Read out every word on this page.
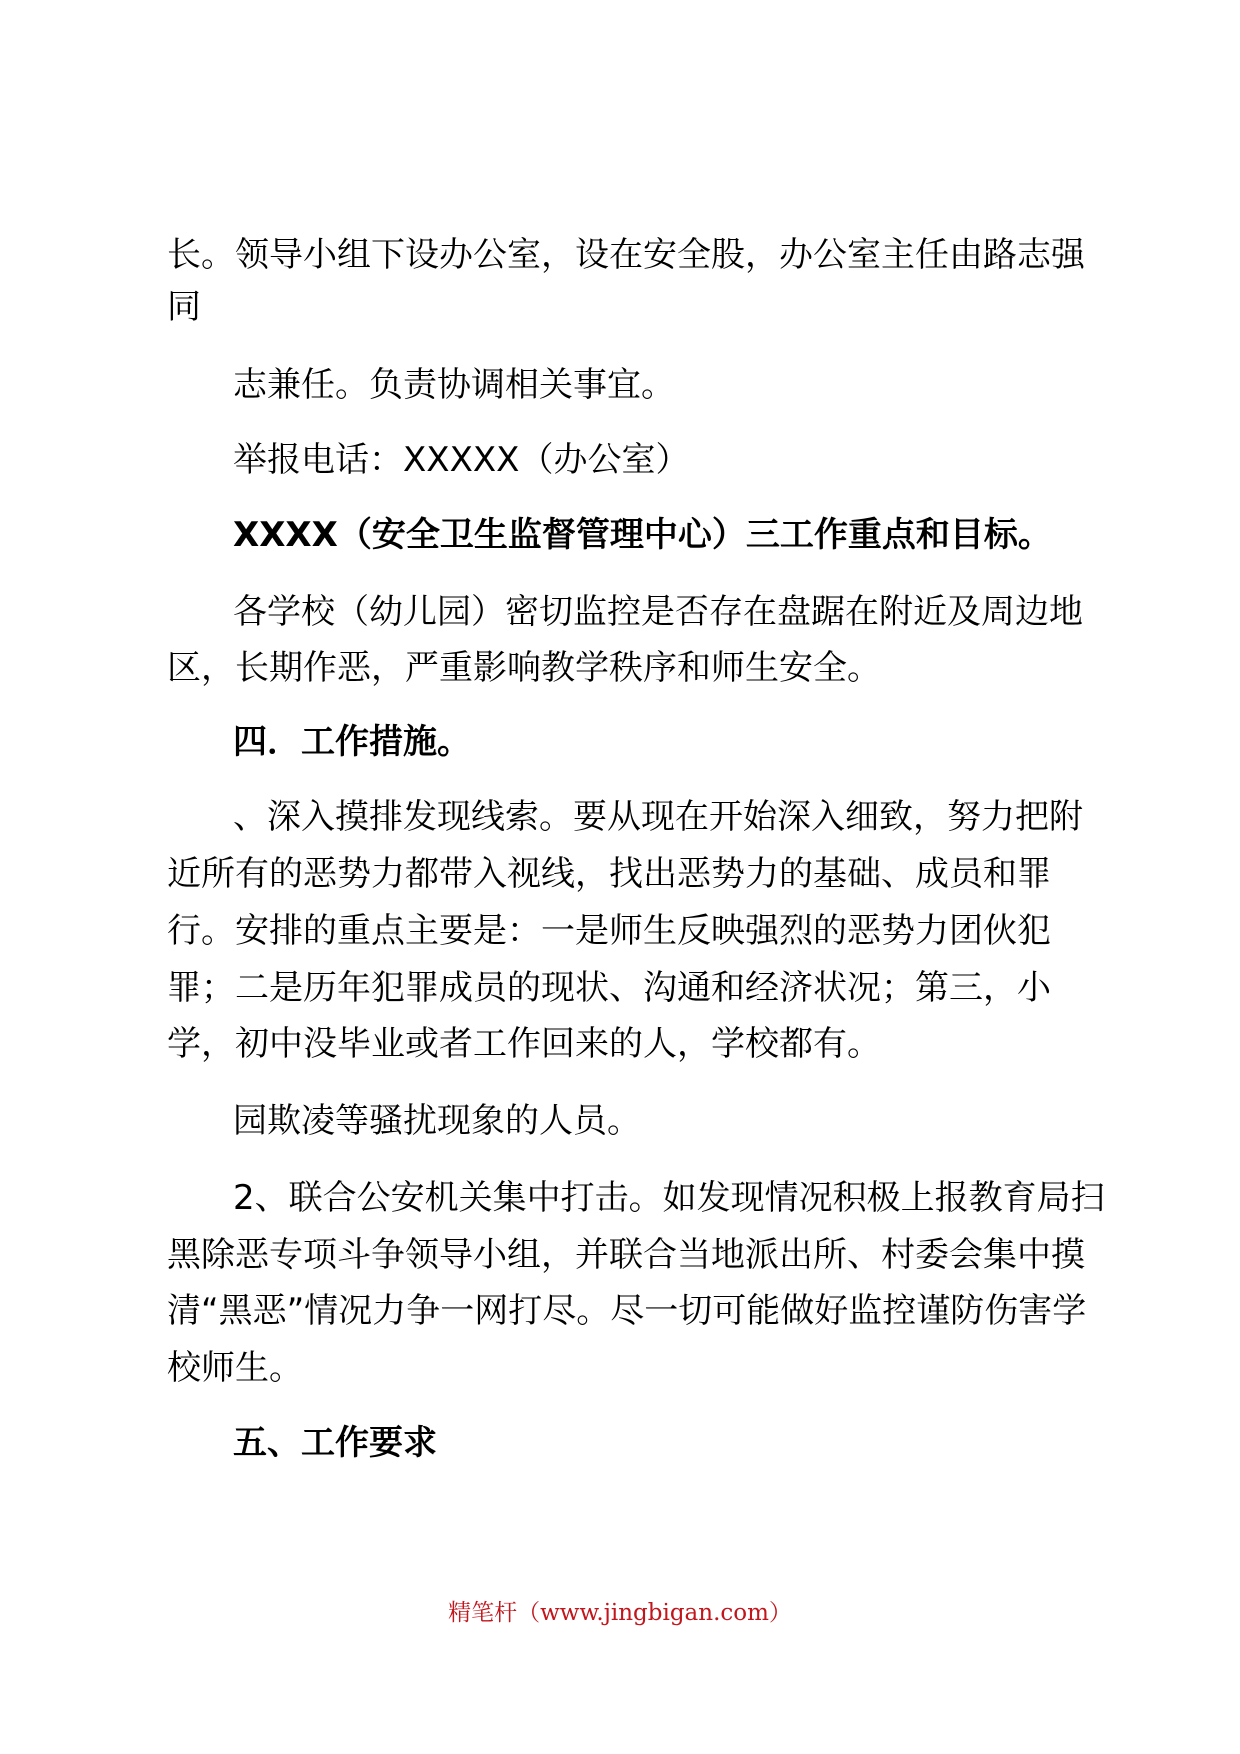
长。领导小组下设办公室，设在安全股，办公室主任由路志强
同
志兼任。负责协调相关事宜。
举报电话：XXXXX（办公室）
XXXX（安全卫生监督管理中心）三工作重点和目标。
各学校（幼儿园）密切监控是否存在盘踞在附近及周边地
区，长期作恶，严重影响教学秩序和师生安全。
四．工作措施。
、深入摸排发现线索。要从现在开始深入细致，努力把附
近所有的恶势力都带入视线，找出恶势力的基础、成员和罪
行。安排的重点主要是：一是师生反映强烈的恶势力团伙犯
罪；二是历年犯罪成员的现状、沟通和经济状况；第三，小
学，初中没毕业或者工作回来的人，学校都有。
园欺凌等骚扰现象的人员。
2、联合公安机关集中打击。如发现情况积极上报教育局扫
黑除恶专项斗争领导小组，并联合当地派出所、村委会集中摸
清“黑恶”情况力争一网打尽。尽一切可能做好监控谨防伤害学
校师生。
五、工作要求
精笔杆（www.jingbigan.com）
